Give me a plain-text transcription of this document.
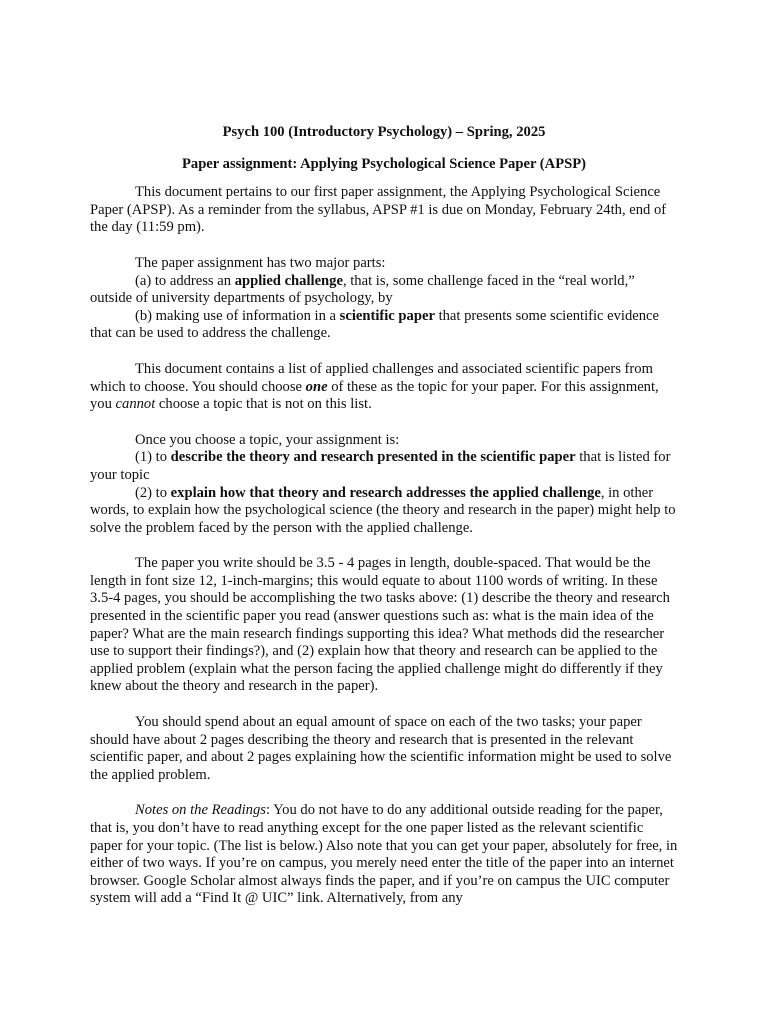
Psych 100 (Introductory Psychology) – Spring, 2025
Paper assignment: Applying Psychological Science Paper (APSP)

This document pertains to our first paper assignment, the Applying Psychological Science Paper (APSP). As a reminder from the syllabus, APSP #1 is due on Monday, February 24th, end of the day (11:59 pm).

The paper assignment has two major parts:

(a) to address an applied challenge, that is, some challenge faced in the “real world,” outside of university departments of psychology, by

(b) making use of information in a scientific paper that presents some scientific evidence that can be used to address the challenge.

This document contains a list of applied challenges and associated scientific papers from which to choose. You should choose one of these as the topic for your paper. For this assignment, you cannot choose a topic that is not on this list.

Once you choose a topic, your assignment is:

(1) to describe the theory and research presented in the scientific paper that is listed for your topic

(2) to explain how that theory and research addresses the applied challenge, in other words, to explain how the psychological science (the theory and research in the paper) might help to solve the problem faced by the person with the applied challenge.

The paper you write should be 3.5 - 4 pages in length, double-spaced. That would be the length in font size 12, 1-inch-margins; this would equate to about 1100 words of writing. In these 3.5-4 pages, you should be accomplishing the two tasks above: (1) describe the theory and research presented in the scientific paper you read (answer questions such as: what is the main idea of the paper? What are the main research findings supporting this idea? What methods did the researcher use to support their findings?), and (2) explain how that theory and research can be applied to the applied problem (explain what the person facing the applied challenge might do differently if they knew about the theory and research in the paper).

You should spend about an equal amount of space on each of the two tasks; your paper should have about 2 pages describing the theory and research that is presented in the relevant scientific paper, and about 2 pages explaining how the scientific information might be used to solve the applied problem.

Notes on the Readings: You do not have to do any additional outside reading for the paper, that is, you don’t have to read anything except for the one paper listed as the relevant scientific paper for your topic. (The list is below.) Also note that you can get your paper, absolutely for free, in either of two ways. If you’re on campus, you merely need enter the title of the paper into an internet browser. Google Scholar almost always finds the paper, and if you’re on campus the UIC computer system will add a “Find It @ UIC” link. Alternatively, from any
